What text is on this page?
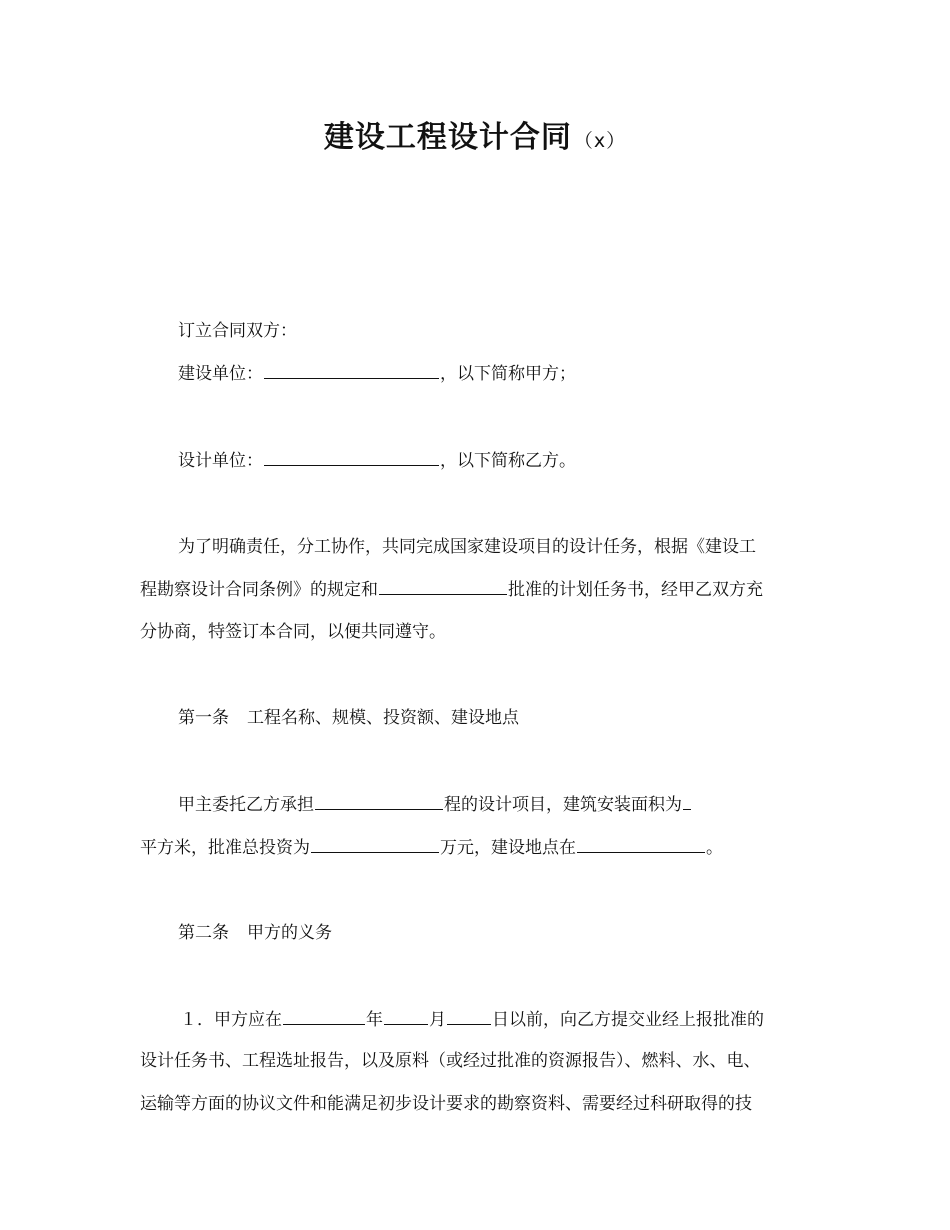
建设工程设计合同 （x）
订立合同双方：
建设单位：	，以下简称甲方；
设计单位：	，以下简称乙方。
为了明确责任，分工协作，共同完成国家建设项目的设计任务，根据《建设工
程勘察设计合同条例》的规定和	批准的计划任务书，经甲乙双方充
分协商，特签订本合同，以便共同遵守。
第一条 工程名称、规模、投资额、建设地点
甲主委托乙方承担	程的设计项目，建筑安装面积为
平方米，批准总投资为	万元，建设地点在	。
第二条 甲方的义务
１．甲方应在	年	月	日以前，向乙方提交业经上报批准的
设计任务书、工程选址报告，以及原料（或经过批准的资源报告）、燃料、水、电、
运输等方面的协议文件和能满足初步设计要求的勘察资料、需要经过科研取得的技
